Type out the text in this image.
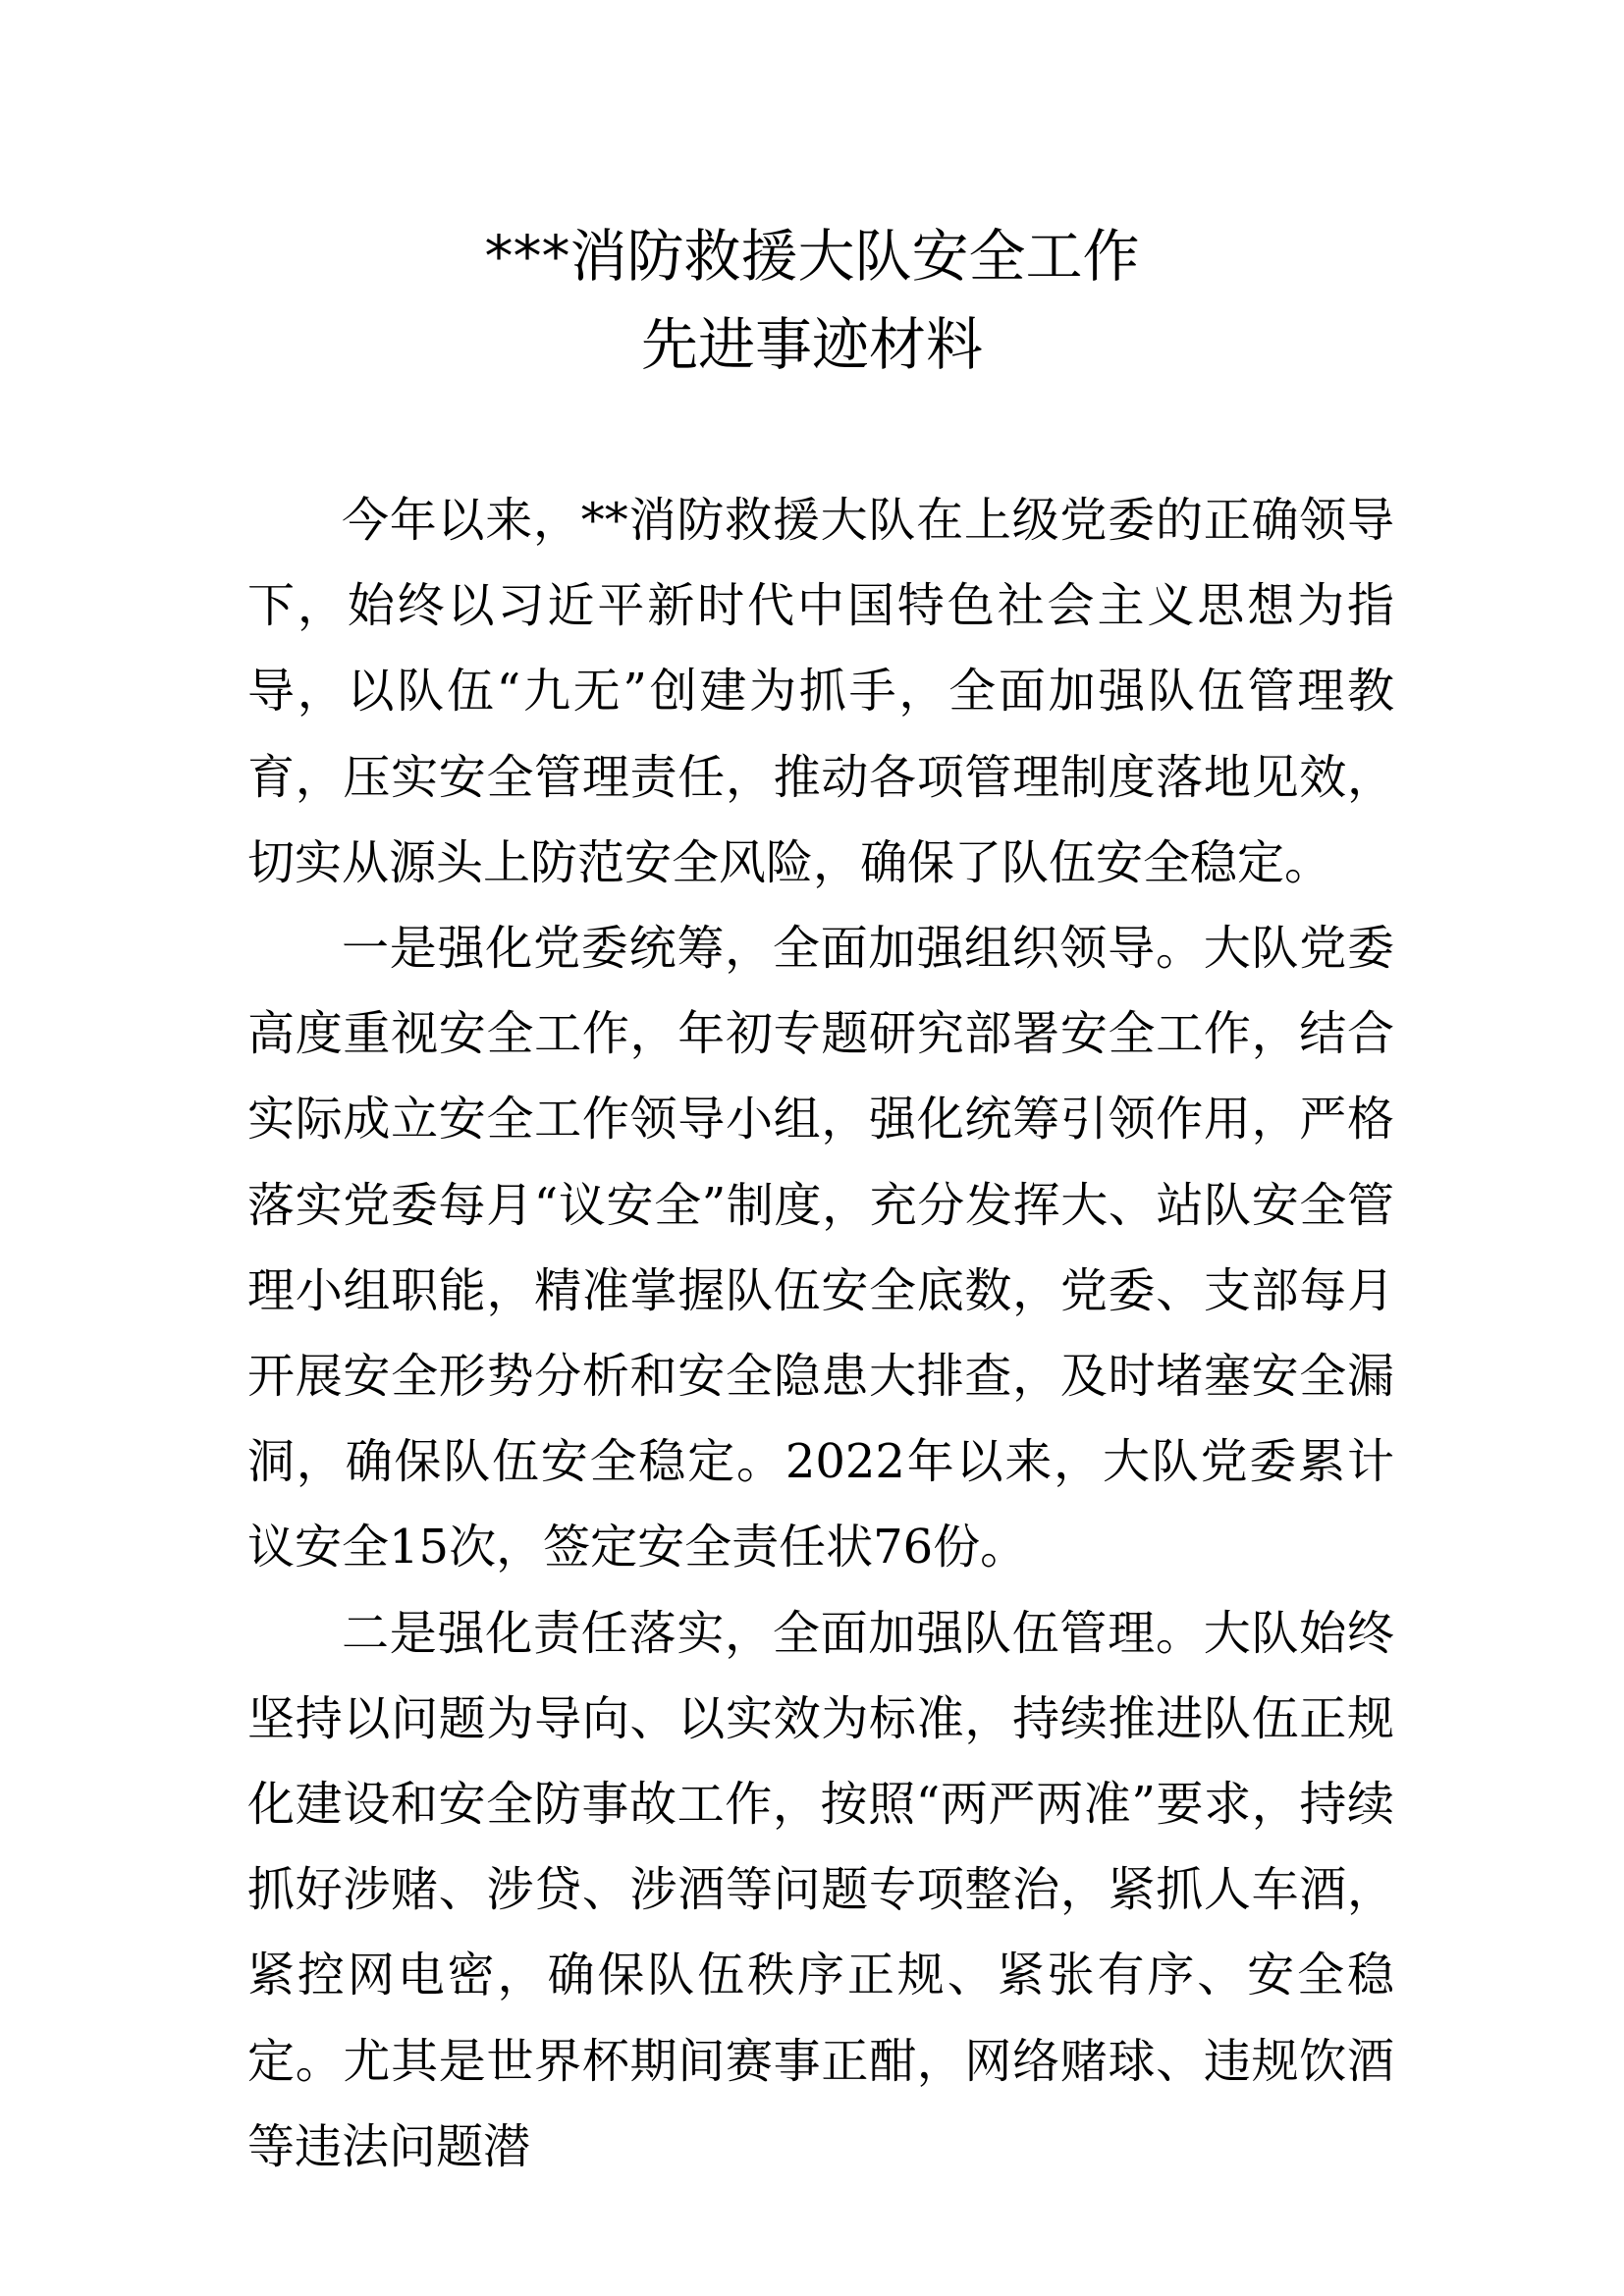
***消防救援大队安全工作
先进事迹材料

今年以来，**消防救援大队在上级党委的正确领导下，始终以习近平新时代中国特色社会主义思想为指导，以队伍“九无”创建为抓手，全面加强队伍管理教育，压实安全管理责任，推动各项管理制度落地见效，切实从源头上防范安全风险，确保了队伍安全稳定。

一是强化党委统筹，全面加强组织领导。大队党委高度重视安全工作，年初专题研究部署安全工作，结合实际成立安全工作领导小组，强化统筹引领作用，严格落实党委每月“议安全”制度，充分发挥大、站队安全管理小组职能，精准掌握队伍安全底数，党委、支部每月开展安全形势分析和安全隐患大排查，及时堵塞安全漏洞，确保队伍安全稳定。2022年以来，大队党委累计议安全15次，签定安全责任状76份。

二是强化责任落实，全面加强队伍管理。大队始终坚持以问题为导向、以实效为标准，持续推进队伍正规化建设和安全防事故工作，按照“两严两准”要求，持续抓好涉赌、涉贷、涉酒等问题专项整治，紧抓人车酒，紧控网电密，确保队伍秩序正规、紧张有序、安全稳定。尤其是世界杯期间赛事正酣，网络赌球、违规饮酒等违法问题潜
